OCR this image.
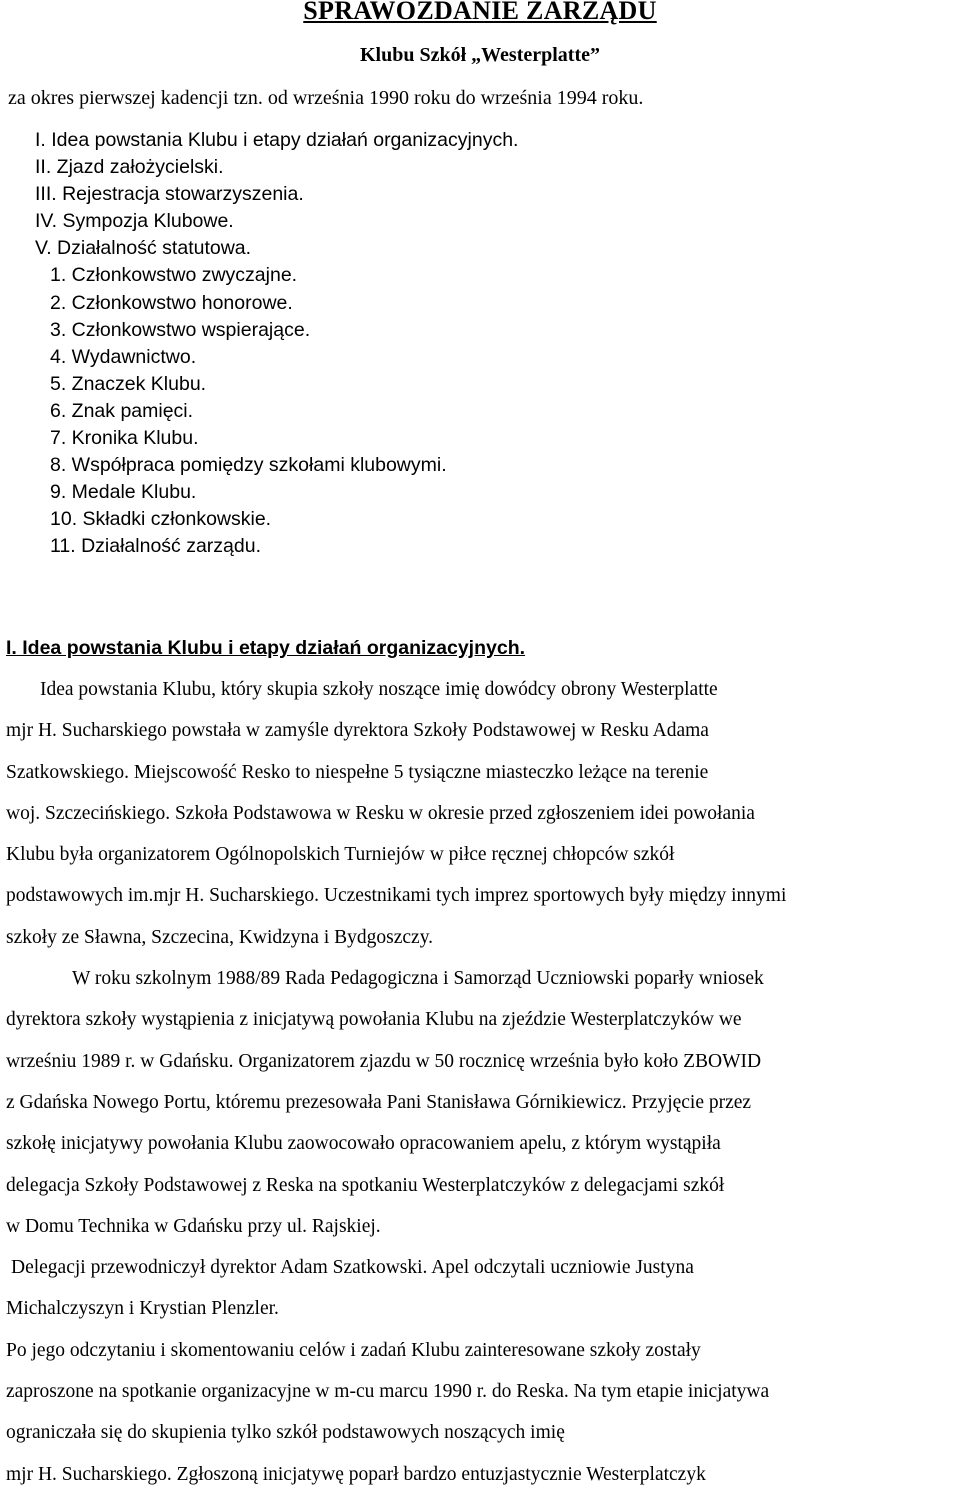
SPRAWOZDANIE ZARZĄDU
Klubu Szkół „Westerplatte”
za okres pierwszej kadencji tzn. od września 1990 roku do września 1994 roku.
I. Idea powstania Klubu i etapy działań organizacyjnych.
II. Zjazd założycielski.
III. Rejestracja stowarzyszenia.
IV. Sympozja Klubowe.
V. Działalność statutowa.
1. Członkowstwo zwyczajne.
2. Członkowstwo honorowe.
3. Członkowstwo wspierające.
4. Wydawnictwo.
5. Znaczek Klubu.
6. Znak pamięci.
7. Kronika Klubu.
8. Współpraca pomiędzy szkołami klubowymi.
9. Medale Klubu.
10. Składki członkowskie.
11. Działalność zarządu.
I. Idea powstania Klubu i etapy działań organizacyjnych.
Idea powstania Klubu, który skupia szkoły noszące imię dowódcy obrony Westerplatte
mjr H. Sucharskiego powstała w zamyśle dyrektora Szkoły Podstawowej w Resku Adama
Szatkowskiego. Miejscowość Resko to niespełne 5 tysiączne miasteczko leżące na terenie
woj. Szczecińskiego. Szkoła Podstawowa w Resku w okresie przed zgłoszeniem idei powołania
Klubu była organizatorem Ogólnopolskich Turniejów w piłce ręcznej chłopców szkół
podstawowych im.mjr H. Sucharskiego. Uczestnikami tych imprez sportowych były między innymi
szkoły ze Sławna, Szczecina, Kwidzyna i Bydgoszczy.
W roku szkolnym 1988/89 Rada Pedagogiczna i Samorząd Uczniowski poparły wniosek
dyrektora szkoły wystąpienia z inicjatywą powołania Klubu na zjeździe Westerplatczyków we
wrześniu 1989 r. w Gdańsku. Organizatorem zjazdu w 50 rocznicę września było koło ZBOWID
z Gdańska Nowego Portu, któremu prezesowała Pani Stanisława Górnikiewicz. Przyjęcie przez
szkołę inicjatywy powołania Klubu zaowocowało opracowaniem apelu, z którym wystąpiła
delegacja Szkoły Podstawowej z Reska na spotkaniu Westerplatczyków z delegacjami szkół
w Domu Technika w Gdańsku przy ul. Rajskiej.
Delegacji przewodniczył dyrektor Adam Szatkowski. Apel odczytali uczniowie Justyna
Michalczyszyn i Krystian Plenzler.
Po jego odczytaniu i skomentowaniu celów i zadań Klubu zainteresowane szkoły zostały
zaproszone na spotkanie organizacyjne w m-cu marcu 1990 r. do Reska. Na tym etapie inicjatywa
ograniczała się do skupienia tylko szkół podstawowych noszących imię
mjr H. Sucharskiego. Zgłoszoną inicjatywę poparł bardzo entuzjastycznie Westerplatczyk
